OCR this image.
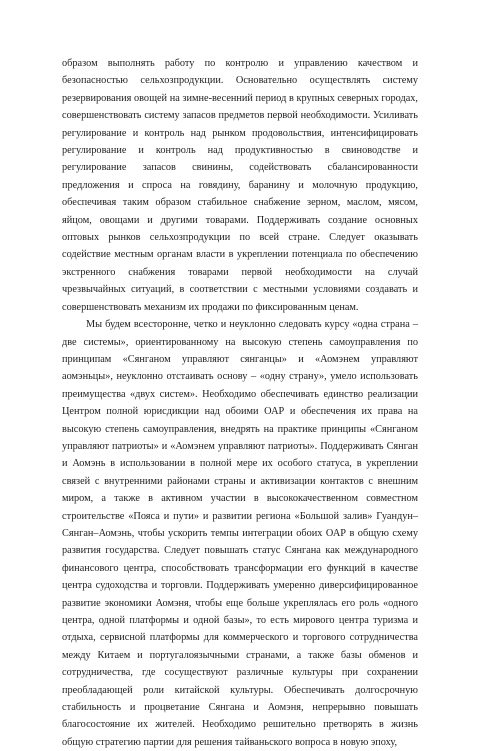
образом выполнять работу по контролю и управлению качеством и безопасностью сельхозпродукции. Основательно осуществлять систему резервирования овощей на зимне-весенний период в крупных северных городах, совершенствовать систему запасов предметов первой необходимости. Усиливать регулирование и контроль над рынком продовольствия, интенсифицировать регулирование и контроль над продуктивностью в свиноводстве и регулирование запасов свинины, содействовать сбалансированности предложения и спроса на говядину, баранину и молочную продукцию, обеспечивая таким образом стабильное снабжение зерном, маслом, мясом, яйцом, овощами и другими товарами. Поддерживать создание основных оптовых рынков сельхозпродукции по всей стране. Следует оказывать содействие местным органам власти в укреплении потенциала по обеспечению экстренного снабжения товарами первой необходимости на случай чрезвычайных ситуаций, в соответствии с местными условиями создавать и совершенствовать механизм их продажи по фиксированным ценам.

Мы будем всесторонне, четко и неуклонно следовать курсу «одна страна – две системы», ориентированному на высокую степень самоуправления по принципам «Сянганом управляют сянганцы» и «Аомэнем управляют аомэньцы», неуклонно отстаивать основу – «одну страну», умело использовать преимущества «двух систем». Необходимо обеспечивать единство реализации Центром полной юрисдикции над обоими ОАР и обеспечения их права на высокую степень самоуправления, внедрять на практике принципы «Сянганом управляют патриоты» и «Аомэнем управляют патриоты». Поддерживать Сянган и Аомэнь в использовании в полной мере их особого статуса, в укреплении связей с внутренними районами страны и активизации контактов с внешним миром, а также в активном участии в высококачественном совместном строительстве «Пояса и пути» и развитии региона «Большой залив» Гуандун–Сянган–Аомэнь, чтобы ускорить темпы интеграции обоих ОАР в общую схему развития государства. Следует повышать статус Сянгана как международного финансового центра, способствовать трансформации его функций в качестве центра судоходства и торговли. Поддерживать умеренно диверсифицированное развитие экономики Аомэня, чтобы еще больше укреплялась его роль «одного центра, одной платформы и одной базы», то есть мирового центра туризма и отдыха, сервисной платформы для коммерческого и торгового сотрудничества между Китаем и португалоязычными странами, а также базы обменов и сотрудничества, где сосуществуют различные культуры при сохранении преобладающей роли китайской культуры. Обеспечивать долгосрочную стабильность и процветание Сянгана и Аомэня, непрерывно повышать благосостояние их жителей. Необходимо решительно претворять в жизнь общую стратегию партии для решения тайваньского вопроса в новую эпоху,
